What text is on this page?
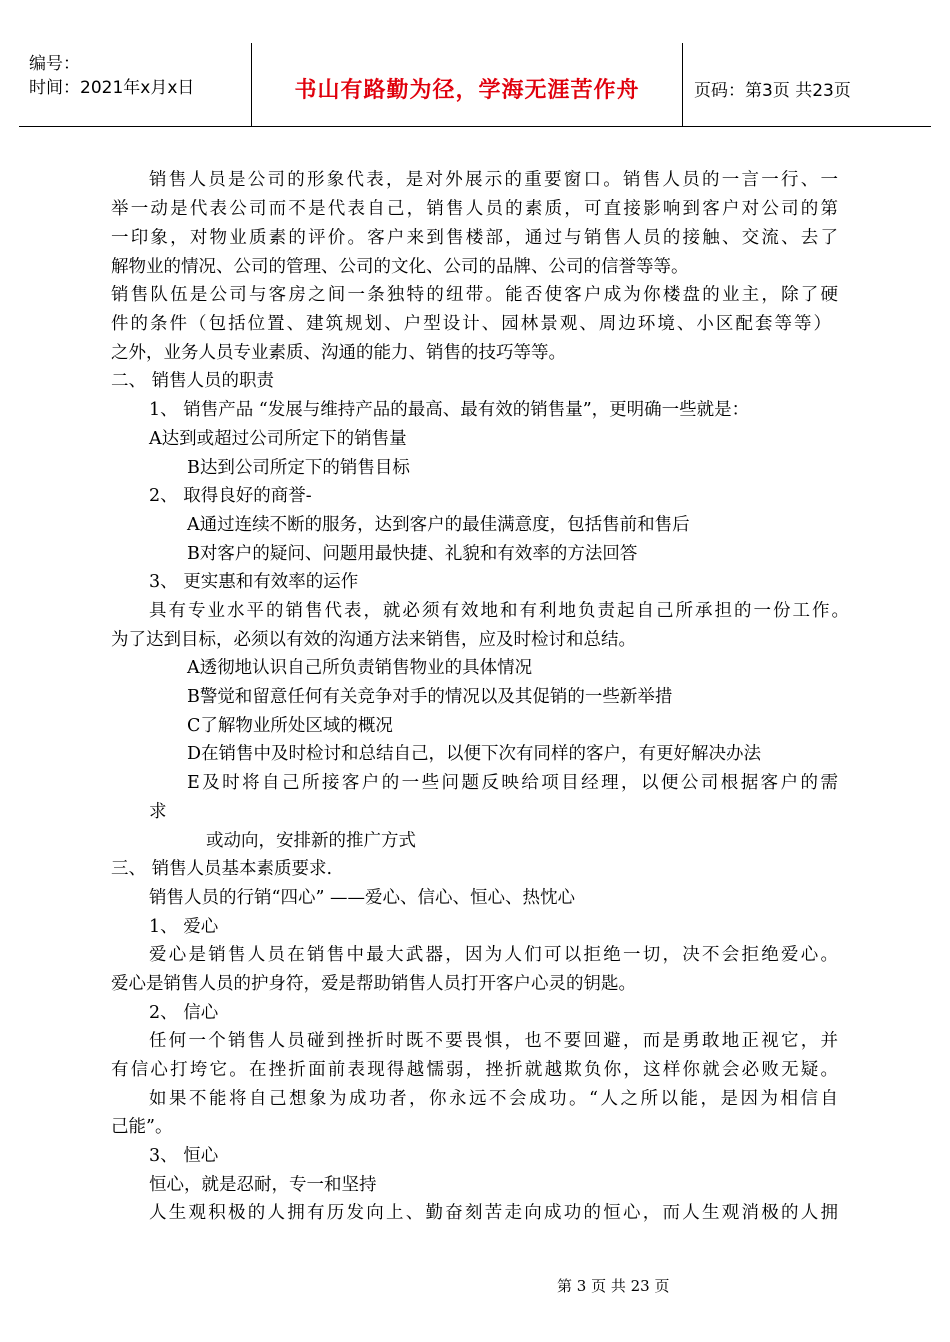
编号：
时间：2021年x月x日	书山有路勤为径，学海无涯苦作舟	页码：第3页 共23页
销售人员是公司的形象代表，是对外展示的重要窗口。销售人员的一言一行、一
举一动是代表公司而不是代表自己，销售人员的素质，可直接影响到客户对公司的第
一印象，对物业质素的评价。客户来到售楼部，通过与销售人员的接触、交流、去了
解物业的情况、公司的管理、公司的文化、公司的品牌、公司的信誉等等。
销售队伍是公司与客房之间一条独特的纽带。能否使客户成为你楼盘的业主，除了硬
件的条件（包括位置、建筑规划、户型设计、园林景观、周边环境、小区配套等等）
之外，业务人员专业素质、沟通的能力、销售的技巧等等。
二、 销售人员的职责
1、 销售产品 “发展与维持产品的最高、最有效的销售量”，更明确一些就是：
A达到或超过公司所定下的销售量
B达到公司所定下的销售目标
2、 取得良好的商誉-
A通过连续不断的服务，达到客户的最佳满意度，包括售前和售后
B对客户的疑问、问题用最快捷、礼貌和有效率的方法回答
3、 更实惠和有效率的运作
具有专业水平的销售代表，就必须有效地和有利地负责起自己所承担的一份工作。
为了达到目标，必须以有效的沟通方法来销售，应及时检讨和总结。
A透彻地认识自己所负责销售物业的具体情况
B警觉和留意任何有关竞争对手的情况以及其促销的一些新举措
C了解物业所处区域的概况
D在销售中及时检讨和总结自己，以便下次有同样的客户，有更好解决办法
E及时将自己所接客户的一些问题反映给项目经理，以便公司根据客户的需
求
或动向，安排新的推广方式
三、 销售人员基本素质要求.
销售人员的行销“四心” ——爱心、信心、恒心、热忱心
1、 爱心
爱心是销售人员在销售中最大武器，因为人们可以拒绝一切，决不会拒绝爱心。
爱心是销售人员的护身符，爱是帮助销售人员打开客户心灵的钥匙。
2、 信心
任何一个销售人员碰到挫折时既不要畏惧，也不要回避，而是勇敢地正视它，并
有信心打垮它。在挫折面前表现得越懦弱，挫折就越欺负你，这样你就会必败无疑。
如果不能将自己想象为成功者，你永远不会成功。“人之所以能，是因为相信自
己能”。
3、 恒心
恒心，就是忍耐，专一和坚持
人生观积极的人拥有历发向上、勤奋刻苦走向成功的恒心，而人生观消极的人拥
第 3 页 共 23 页
